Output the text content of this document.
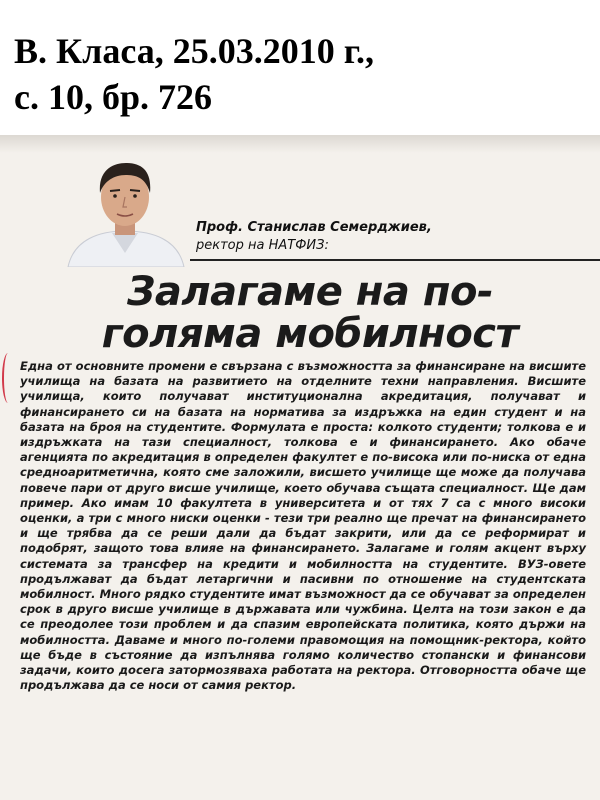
В. Класа, 25.03.2010 г.,
с. 10, бр. 726
Проф. Станислав Семерджиев,
ректор на НАТФИЗ:
Залагаме на по-
голяма мобилност
Една от основните промени е свързана с възможността за финансиране на висшите училища на базата на развитието на отделните техни направления. Висшите училища, които получават институционална акредитация, получават и финансирането си на базата на норматива за издръжка на един студент и на базата на броя на студентите. Формулата е проста: колкото студенти; толкова е и издръжката на тази специалност, толкова е и финансирането. Ако обаче агенцията по акредитация в определен факултет е по-висока или по-ниска от една средноаритметична, която сме заложили, висшето училище ще може да получава повече пари от друго висше училище, което обучава същата специалност. Ще дам пример. Ако имам 10 факултета в университета и от тях 7 са с много високи оценки, а три с много ниски оценки - тези три реално ще пречат на финансирането и ще трябва да се реши дали да бъдат закрити, или да се реформират и подобрят, защото това влияе на финансирането. Залагаме и голям акцент върху системата за трансфер на кредити и мобилността на студентите. ВУЗ-овете продължават да бъдат летаргични и пасивни по отношение на студентската мобилност. Много рядко студентите имат възможност да се обучават за определен срок в друго висше училище в държавата или чужбина. Целта на този закон е да се преодолее този проблем и да спазим европейската политика, която държи на мобилността. Даваме и много по-големи правомощия на помощник-ректора, който ще бъде в състояние да изпълнява голямо количество стопански и финансови задачи, които досега затормозяваха работата на ректора. Отговорността обаче ще продължава да се носи от самия ректор.
